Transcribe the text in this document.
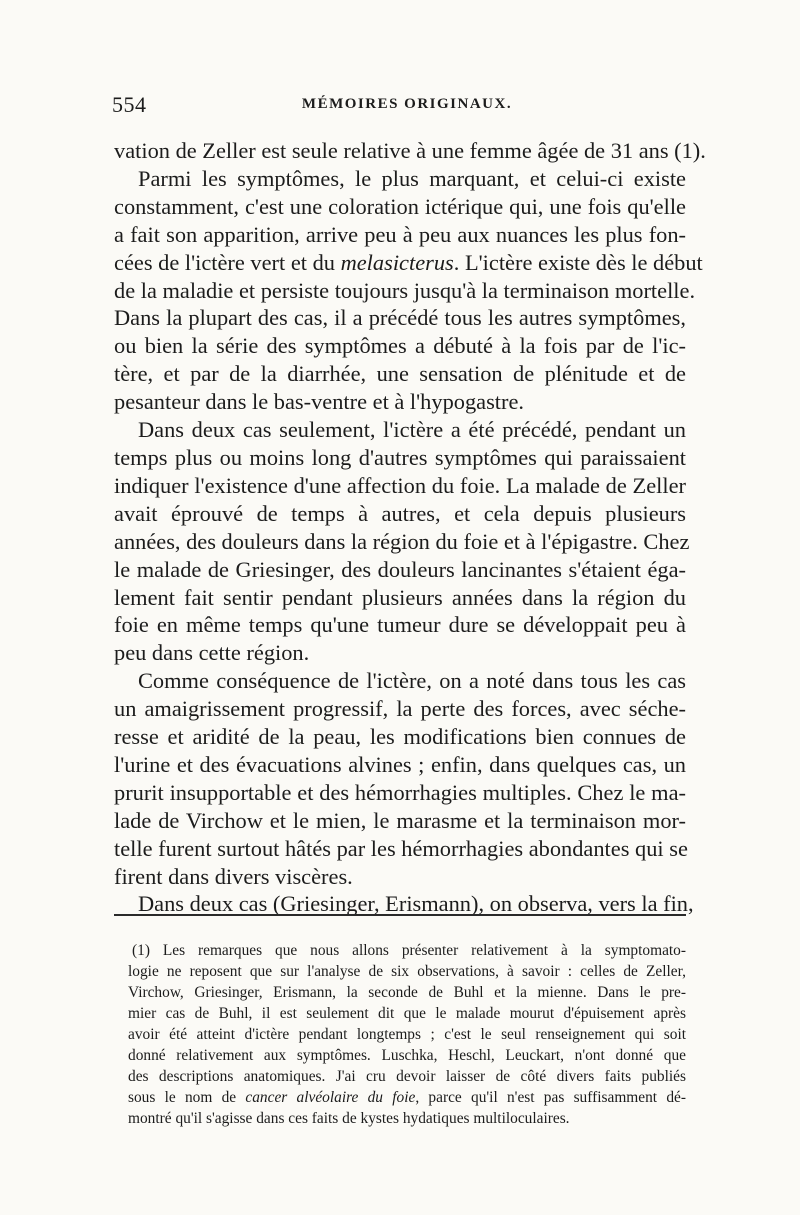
554	MÉMOIRES ORIGINAUX.
vation de Zeller est seule relative à une femme âgée de 31 ans (1).
Parmi les symptômes, le plus marquant, et celui-ci existe
constamment, c'est une coloration ictérique qui, une fois qu'elle
a fait son apparition, arrive peu à peu aux nuances les plus fon-
cées de l'ictère vert et du melasicterus. L'ictère existe dès le début
de la maladie et persiste toujours jusqu'à la terminaison mortelle.
Dans la plupart des cas, il a précédé tous les autres symptômes,
ou bien la série des symptômes a débuté à la fois par de l'ic-
tère, et par de la diarrhée, une sensation de plénitude et de
pesanteur dans le bas-ventre et à l'hypogastre.
Dans deux cas seulement, l'ictère a été précédé, pendant un
temps plus ou moins long d'autres symptômes qui paraissaient
indiquer l'existence d'une affection du foie. La malade de Zeller
avait éprouvé de temps à autres, et cela depuis plusieurs
années, des douleurs dans la région du foie et à l'épigastre. Chez
le malade de Griesinger, des douleurs lancinantes s'étaient éga-
lement fait sentir pendant plusieurs années dans la région du
foie en même temps qu'une tumeur dure se développait peu à
peu dans cette région.
Comme conséquence de l'ictère, on a noté dans tous les cas
un amaigrissement progressif, la perte des forces, avec séche-
resse et aridité de la peau, les modifications bien connues de
l'urine et des évacuations alvines ; enfin, dans quelques cas, un
prurit insupportable et des hémorrhagies multiples. Chez le ma-
lade de Virchow et le mien, le marasme et la terminaison mor-
telle furent surtout hâtés par les hémorrhagies abondantes qui se
firent dans divers viscères.
Dans deux cas (Griesinger, Erismann), on observa, vers la fin,
(1) Les remarques que nous allons présenter relativement à la symptomato-
logie ne reposent que sur l'analyse de six observations, à savoir : celles de Zeller,
Virchow, Griesinger, Erismann, la seconde de Buhl et la mienne. Dans le pre-
mier cas de Buhl, il est seulement dit que le malade mourut d'épuisement après
avoir été atteint d'ictère pendant longtemps ; c'est le seul renseignement qui soit
donné relativement aux symptômes. Luschka, Heschl, Leuckart, n'ont donné que
des descriptions anatomiques. J'ai cru devoir laisser de côté divers faits publiés
sous le nom de cancer alvéolaire du foie, parce qu'il n'est pas suffisamment dé-
montré qu'il s'agisse dans ces faits de kystes hydatiques multiloculaires.
